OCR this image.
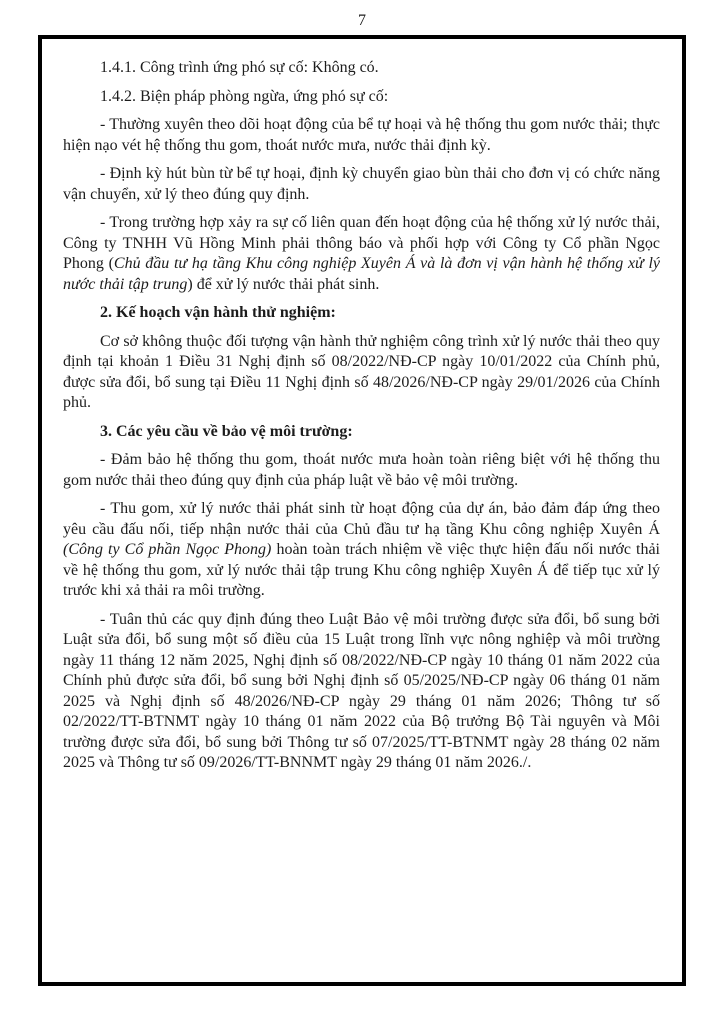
7

1.4.1. Công trình ứng phó sự cố: Không có.

1.4.2. Biện pháp phòng ngừa, ứng phó sự cố:

- Thường xuyên theo dõi hoạt động của bể tự hoại và hệ thống thu gom nước thải; thực hiện nạo vét hệ thống thu gom, thoát nước mưa, nước thải định kỳ.

- Định kỳ hút bùn từ bể tự hoại, định kỳ chuyển giao bùn thải cho đơn vị có chức năng vận chuyển, xử lý theo đúng quy định.

- Trong trường hợp xảy ra sự cố liên quan đến hoạt động của hệ thống xử lý nước thải, Công ty TNHH Vũ Hồng Minh phải thông báo và phối hợp với Công ty Cổ phần Ngọc Phong (Chủ đầu tư hạ tầng Khu công nghiệp Xuyên Á và là đơn vị vận hành hệ thống xử lý nước thải tập trung) để xử lý nước thải phát sinh.

2. Kế hoạch vận hành thử nghiệm:

Cơ sở không thuộc đối tượng vận hành thử nghiệm công trình xử lý nước thải theo quy định tại khoản 1 Điều 31 Nghị định số 08/2022/NĐ-CP ngày 10/01/2022 của Chính phủ, được sửa đổi, bổ sung tại Điều 11 Nghị định số 48/2026/NĐ-CP ngày 29/01/2026 của Chính phủ.

3. Các yêu cầu về bảo vệ môi trường:

- Đảm bảo hệ thống thu gom, thoát nước mưa hoàn toàn riêng biệt với hệ thống thu gom nước thải theo đúng quy định của pháp luật về bảo vệ môi trường.

- Thu gom, xử lý nước thải phát sinh từ hoạt động của dự án, bảo đảm đáp ứng theo yêu cầu đấu nối, tiếp nhận nước thải của Chủ đầu tư hạ tầng Khu công nghiệp Xuyên Á (Công ty Cổ phần Ngọc Phong) hoàn toàn trách nhiệm về việc thực hiện đấu nối nước thải về hệ thống thu gom, xử lý nước thải tập trung Khu công nghiệp Xuyên Á để tiếp tục xử lý trước khi xả thải ra môi trường.

- Tuân thủ các quy định đúng theo Luật Bảo vệ môi trường được sửa đổi, bổ sung bởi Luật sửa đổi, bổ sung một số điều của 15 Luật trong lĩnh vực nông nghiệp và môi trường ngày 11 tháng 12 năm 2025, Nghị định số 08/2022/NĐ-CP ngày 10 tháng 01 năm 2022 của Chính phủ được sửa đổi, bổ sung bởi Nghị định số 05/2025/NĐ-CP ngày 06 tháng 01 năm 2025 và Nghị định số 48/2026/NĐ-CP ngày 29 tháng 01 năm 2026; Thông tư số 02/2022/TT-BTNMT ngày 10 tháng 01 năm 2022 của Bộ trưởng Bộ Tài nguyên và Môi trường được sửa đổi, bổ sung bởi Thông tư số 07/2025/TT-BTNMT ngày 28 tháng 02 năm 2025 và Thông tư số 09/2026/TT-BNNMT ngày 29 tháng 01 năm 2026./.
